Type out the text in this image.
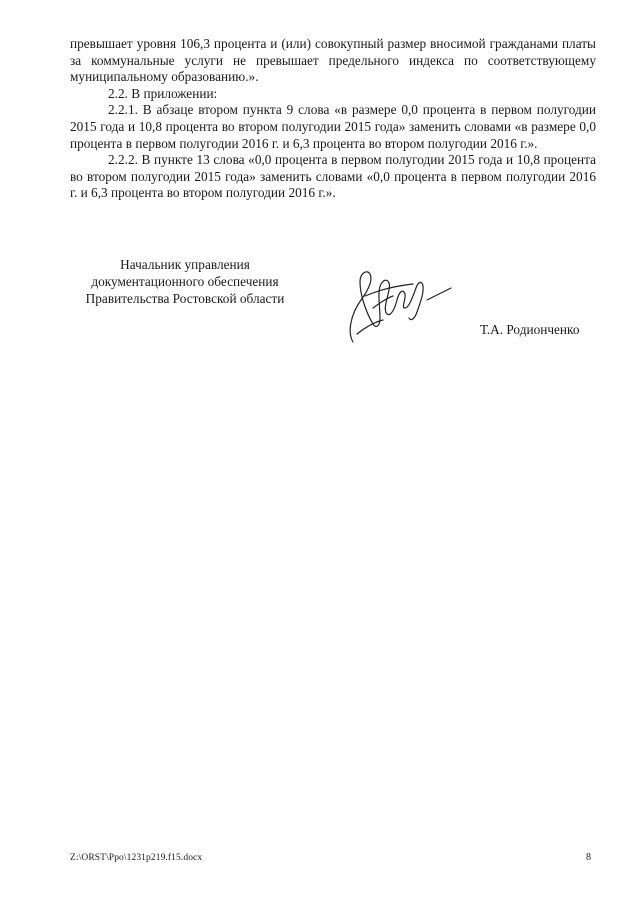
превышает уровня 106,3 процента и (или) совокупный размер вносимой гражданами платы за коммунальные услуги не превышает предельного индекса по соответствующему муниципальному образованию.».

2.2. В приложении:

2.2.1. В абзаце втором пункта 9 слова «в размере 0,0 процента в первом полугодии 2015 года и 10,8 процента во втором полугодии 2015 года» заменить словами «в размере 0,0 процента в первом полугодии 2016 г. и 6,3 процента во втором полугодии 2016 г.».

2.2.2. В пункте 13 слова «0,0 процента в первом полугодии 2015 года и 10,8 процента во втором полугодии 2015 года» заменить словами «0,0 процента в первом полугодии 2016 г. и 6,3 процента во втором полугодии 2016 г.».

Начальник управления
документационного обеспечения
Правительства Ростовской области
Т.А. Родионченко
Z:\ORST\Ppo\1231p219.f15.docx	8
